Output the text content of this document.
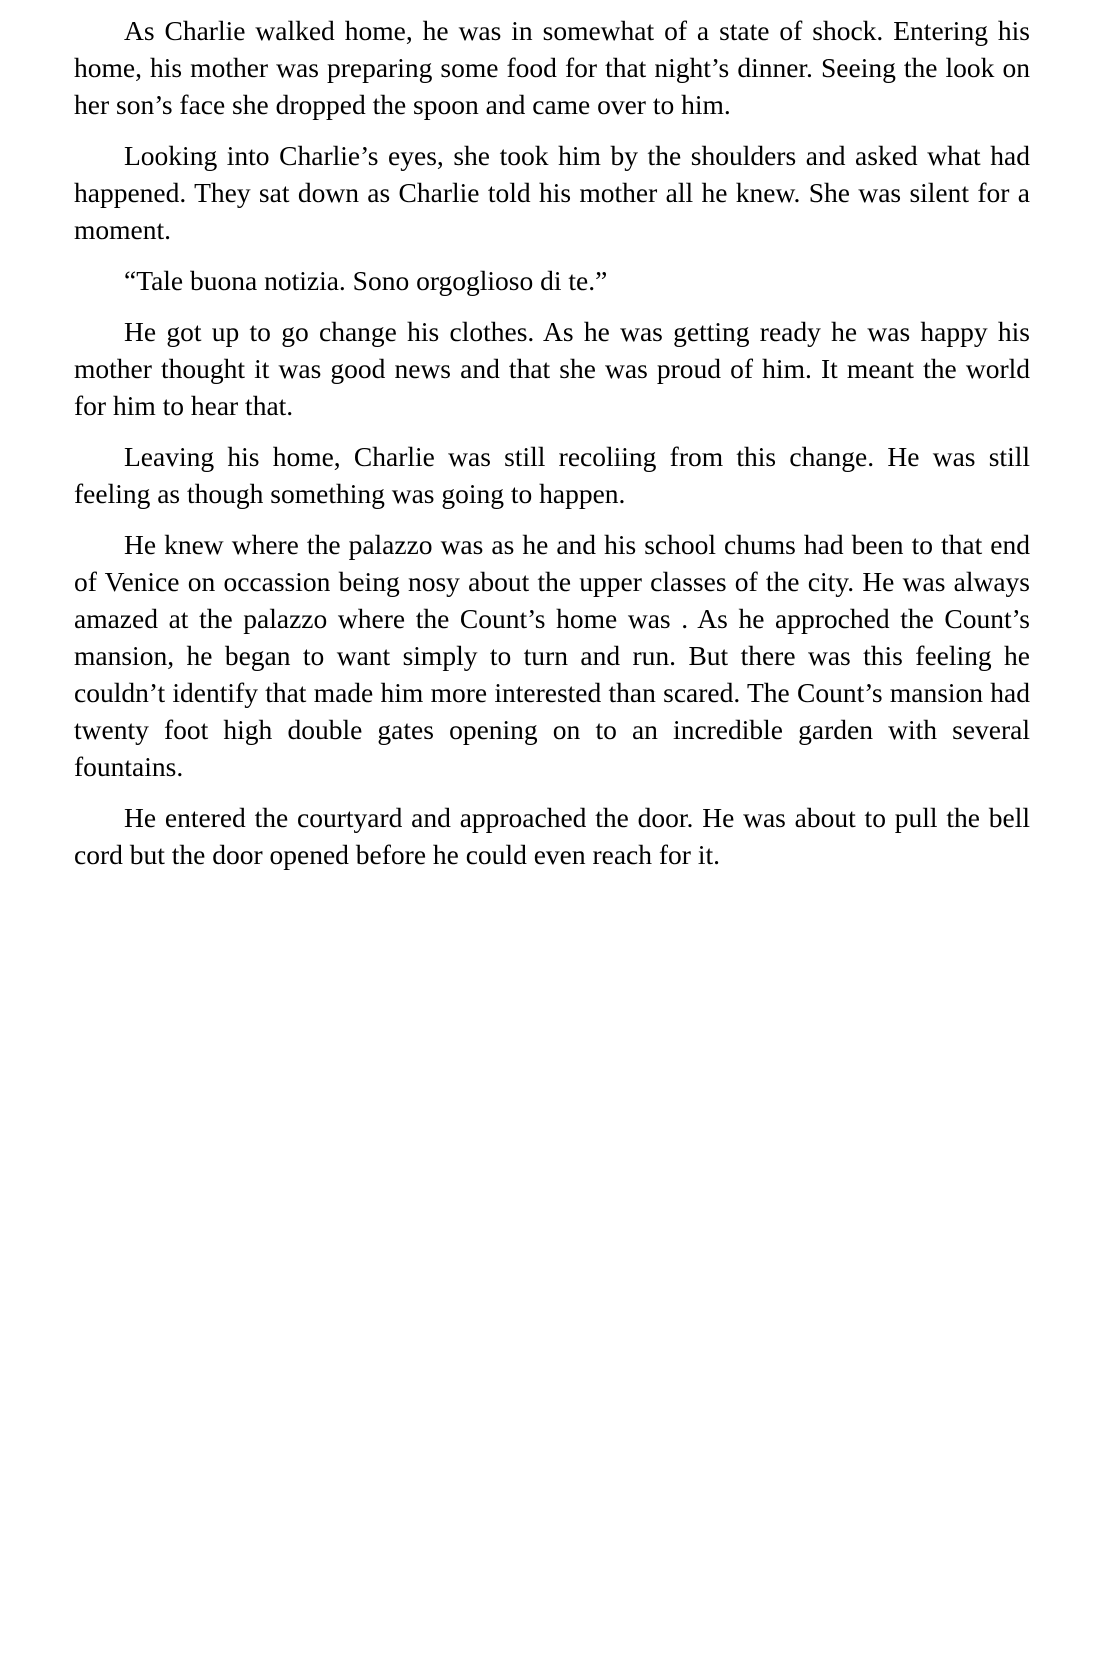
As Charlie walked home, he was in somewhat of a state of shock. Entering his home, his mother was preparing some food for that night’s dinner. Seeing the look on her son’s face she dropped the spoon and came over to him.

Looking into Charlie’s eyes, she took him by the shoulders and asked what had happened. They sat down as Charlie told his mother all he knew. She was silent for a moment.

“Tale buona notizia. Sono orgoglioso di te.”

He got up to go change his clothes. As he was getting ready he was happy his mother thought it was good news and that she was proud of him. It meant the world for him to hear that.

Leaving his home, Charlie was still recoliing from this change. He was still feeling as though something was going to happen.

He knew where the palazzo was as he and his school chums had been to that end of Venice on occassion being nosy about the upper classes of the city. He was always amazed at the palazzo where the Count’s home was . As he approched the Count’s mansion, he began to want simply to turn and run. But there was this feeling he couldn’t identify that made him more interested than scared. The Count’s mansion had twenty foot high double gates opening on to an incredible garden with several fountains.

He entered the courtyard and approached the door. He was about to pull the bell cord but the door opened before he could even reach for it.
